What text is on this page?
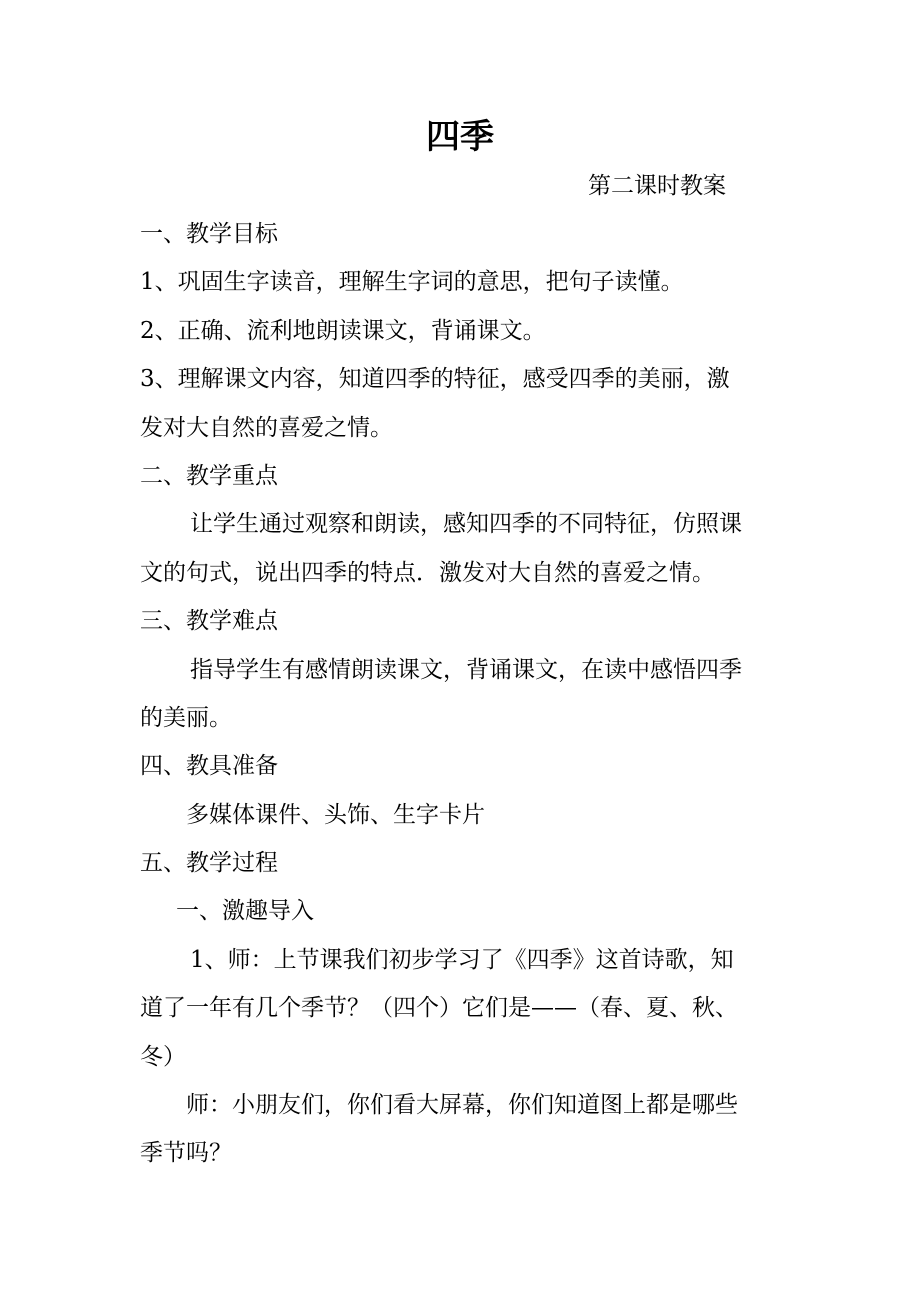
四季
第二课时教案
一、教学目标
1、巩固生字读音，理解生字词的意思，把句子读懂。
2、正确、流利地朗读课文，背诵课文。
3、理解课文内容，知道四季的特征，感受四季的美丽，激
发对大自然的喜爱之情。
二、教学重点
让学生通过观察和朗读，感知四季的不同特征，仿照课
文的句式，说出四季的特点．激发对大自然的喜爱之情。
三、教学难点
指导学生有感情朗读课文，背诵课文，在读中感悟四季
的美丽。
四、教具准备
多媒体课件、头饰、生字卡片
五、教学过程
一、激趣导入
1、师：上节课我们初步学习了《四季》这首诗歌，知
道了一年有几个季节？（四个）它们是——（春、夏、秋、
冬）
师：小朋友们，你们看大屏幕，你们知道图上都是哪些
季节吗？
